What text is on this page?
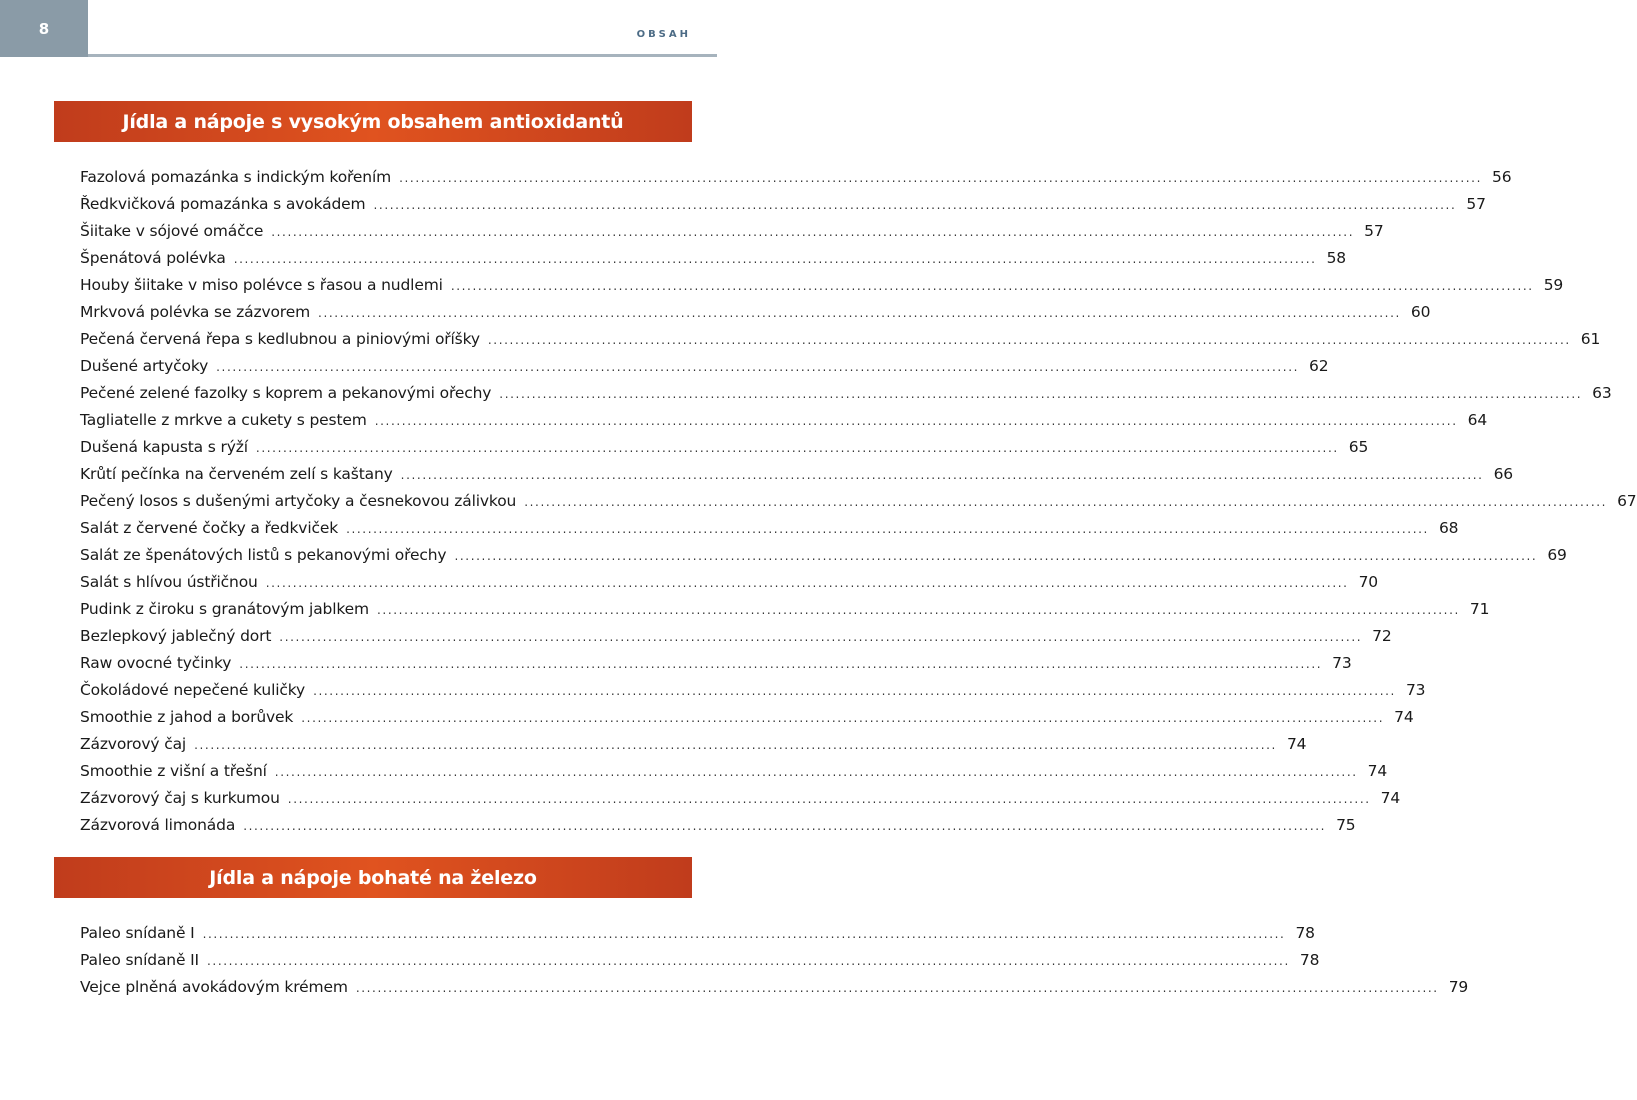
8	OBSAH
Jídla a nápoje s vysokým obsahem antioxidantů
Fazolová pomazánka s indickým kořením ........................................................................................................................................................................................................ 56
Ředkvičková pomazánka s avokádem ........................................................................................................................................................................................................ 57
Šiitake v sójové omáčce ........................................................................................................................................................................................................ 57
Špenátová polévka ........................................................................................................................................................................................................ 58
Houby šiitake v miso polévce s řasou a nudlemi ........................................................................................................................................................................................................ 59
Mrkvová polévka se zázvorem ........................................................................................................................................................................................................ 60
Pečená červená řepa s kedlubnou a piniovými oříšky ........................................................................................................................................................................................................ 61
Dušené artyčoky ........................................................................................................................................................................................................ 62
Pečené zelené fazolky s koprem a pekanovými ořechy ........................................................................................................................................................................................................ 63
Tagliatelle z mrkve a cukety s pestem ........................................................................................................................................................................................................ 64
Dušená kapusta s rýží ........................................................................................................................................................................................................ 65
Krůtí pečínka na červeném zelí s kaštany ........................................................................................................................................................................................................ 66
Pečený losos s dušenými artyčoky a česnekovou zálivkou ........................................................................................................................................................................................................ 67
Salát z červené čočky a ředkviček ........................................................................................................................................................................................................ 68
Salát ze špenátových listů s pekanovými ořechy ........................................................................................................................................................................................................ 69
Salát s hlívou ústřičnou ........................................................................................................................................................................................................ 70
Pudink z čiroku s granátovým jablkem ........................................................................................................................................................................................................ 71
Bezlepkový jablečný dort ........................................................................................................................................................................................................ 72
Raw ovocné tyčinky ........................................................................................................................................................................................................ 73
Čokoládové nepečené kuličky ........................................................................................................................................................................................................ 73
Smoothie z jahod a borůvek ........................................................................................................................................................................................................ 74
Zázvorový čaj ........................................................................................................................................................................................................ 74
Smoothie z višní a třešní ........................................................................................................................................................................................................ 74
Zázvorový čaj s kurkumou ........................................................................................................................................................................................................ 74
Zázvorová limonáda ........................................................................................................................................................................................................ 75
Jídla a nápoje bohaté na železo
Paleo snídaně I ........................................................................................................................................................................................................ 78
Paleo snídaně II ........................................................................................................................................................................................................ 78
Vejce plněná avokádovým krémem ........................................................................................................................................................................................................ 79
